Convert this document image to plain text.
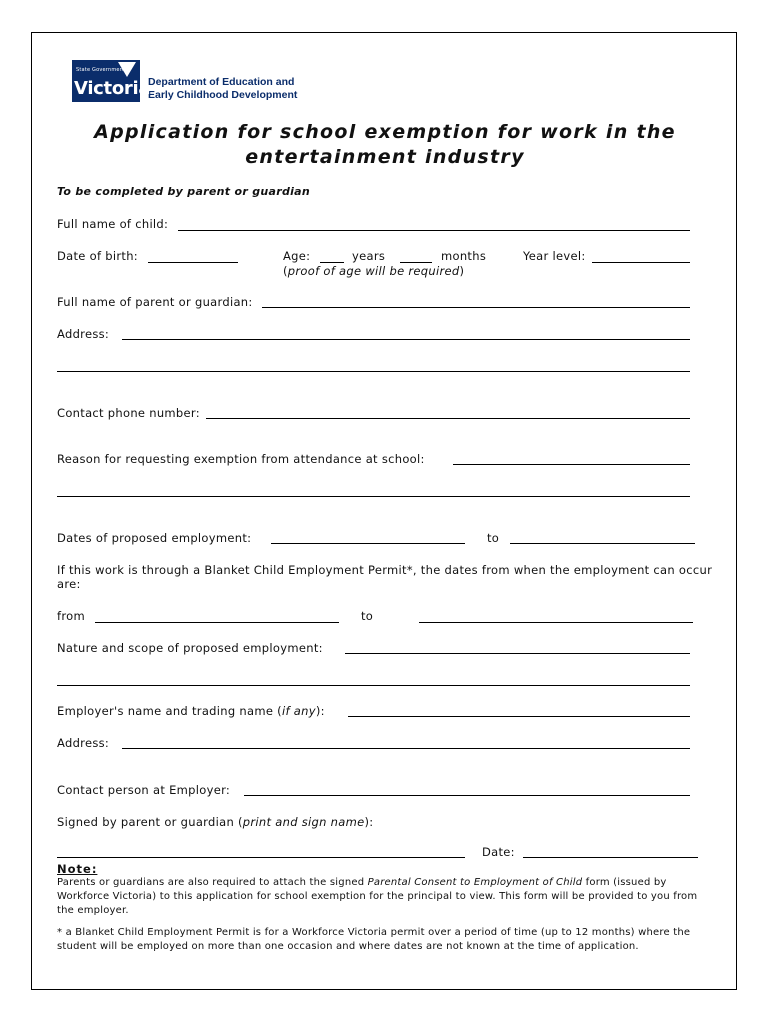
State Government
Victoria
Department of Education and
Early Childhood Development
Application for school exemption for work in the
entertainment industry
To be completed by parent or guardian
Full name of child:
Date of birth:	Age:	years	months	Year level:
(proof of age will be required)
Full name of parent or guardian:
Address:
Contact phone number:
Reason for requesting exemption from attendance at school:
Dates of proposed employment:	to
If this work is through a Blanket Child Employment Permit*, the dates from when the employment can occur are:
from	to
Nature and scope of proposed employment:
Employer's name and trading name (if any):
Address:
Contact person at Employer:
Signed by parent or guardian (print and sign name):
Date:
Note:
Parents or guardians are also required to attach the signed Parental Consent to Employment of Child form (issued by Workforce Victoria) to this application for school exemption for the principal to view. This form will be provided to you from the employer.
* a Blanket Child Employment Permit is for a Workforce Victoria permit over a period of time (up to 12 months) where the student will be employed on more than one occasion and where dates are not known at the time of application.
